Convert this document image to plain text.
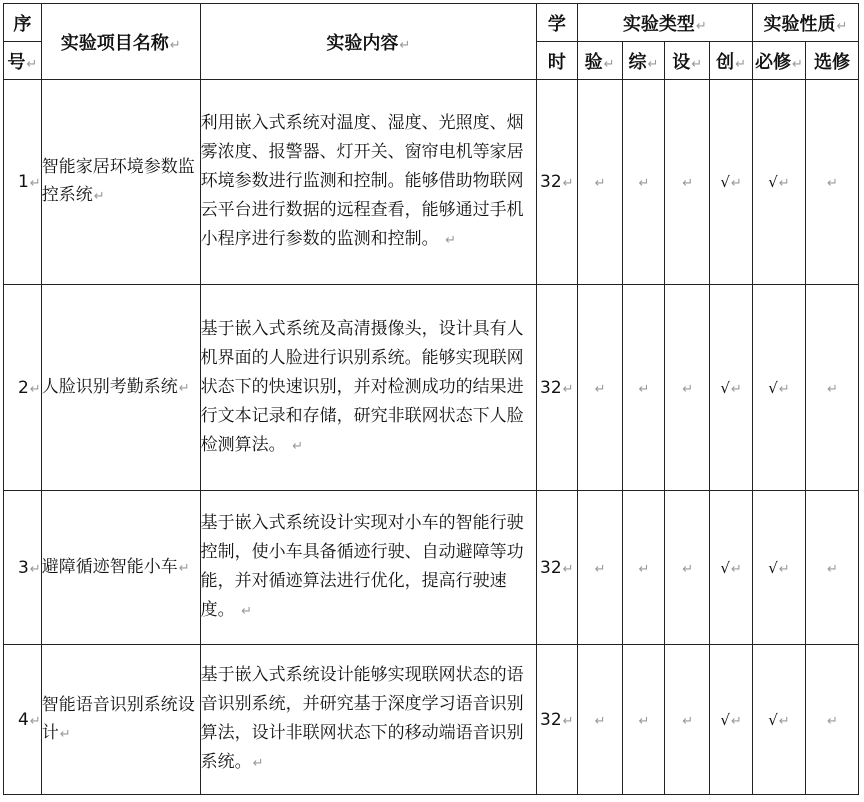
序	实验项目名称↵	实验内容↵	学	实验类型↵				实验性质↵	
号↵			时	验↵	综↵	设↵	创↵	必修↵	选修
1↵	智能家居环境参数监控系统↵	利用嵌入式系统对温度、湿度、光照度、烟雾浓度、报警器、灯开关、窗帘电机等家居环境参数进行监测和控制。能够借助物联网云平台进行数据的远程查看，能够通过手机小程序进行参数的监测和控制。 ↵	32↵	↵	↵	↵	√↵	√↵	↵
2↵	人脸识别考勤系统↵	基于嵌入式系统及高清摄像头，设计具有人机界面的人脸进行识别系统。能够实现联网状态下的快速识别，并对检测成功的结果进行文本记录和存储，研究非联网状态下人脸检测算法。 ↵	32↵	↵	↵	↵	√↵	√↵	↵
3↵	避障循迹智能小车↵	基于嵌入式系统设计实现对小车的智能行驶控制，使小车具备循迹行驶、自动避障等功能，并对循迹算法进行优化，提高行驶速度。 ↵	32↵	↵	↵	↵	√↵	√↵	↵
4↵	智能语音识别系统设计↵	基于嵌入式系统设计能够实现联网状态的语音识别系统，并研究基于深度学习语音识别算法，设计非联网状态下的移动端语音识别系统。↵	32↵	↵	↵	↵	√↵	√↵	↵
